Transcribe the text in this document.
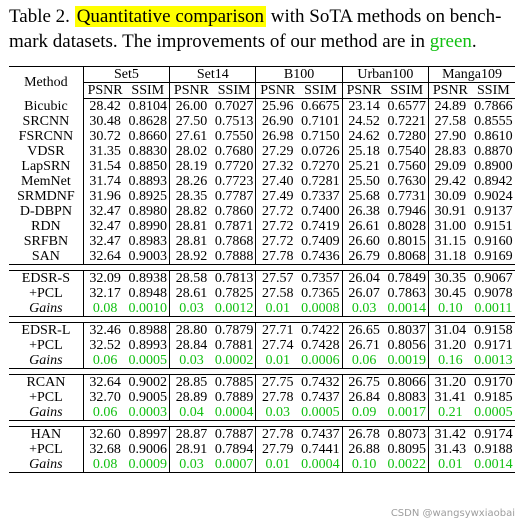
Table 2. Quantitative comparison with SoTA methods on bench-mark datasets. The improvements of our method are in green.
Method	Set5		Set14		B100		Urban100		Manga109	
	PSNR	SSIM	PSNR	SSIM	PSNR	SSIM	PSNR	SSIM	PSNR	SSIM
Bicubic	28.42	0.8104	26.00	0.7027	25.96	0.6675	23.14	0.6577	24.89	0.7866
SRCNN	30.48	0.8628	27.50	0.7513	26.90	0.7101	24.52	0.7221	27.58	0.8555
FSRCNN	30.72	0.8660	27.61	0.7550	26.98	0.7150	24.62	0.7280	27.90	0.8610
VDSR	31.35	0.8830	28.02	0.7680	27.29	0.0726	25.18	0.7540	28.83	0.8870
LapSRN	31.54	0.8850	28.19	0.7720	27.32	0.7270	25.21	0.7560	29.09	0.8900
MemNet	31.74	0.8893	28.26	0.7723	27.40	0.7281	25.50	0.7630	29.42	0.8942
SRMDNF	31.96	0.8925	28.35	0.7787	27.49	0.7337	25.68	0.7731	30.09	0.9024
D-DBPN	32.47	0.8980	28.82	0.7860	27.72	0.7400	26.38	0.7946	30.91	0.9137
RDN	32.47	0.8990	28.81	0.7871	27.72	0.7419	26.61	0.8028	31.00	0.9151
SRFBN	32.47	0.8983	28.81	0.7868	27.72	0.7409	26.60	0.8015	31.15	0.9160
SAN	32.64	0.9003	28.92	0.7888	27.78	0.7436	26.79	0.8068	31.18	0.9169

EDSR-S	32.09	0.8938	28.58	0.7813	27.57	0.7357	26.04	0.7849	30.35	0.9067
+PCL	32.17	0.8948	28.61	0.7825	27.58	0.7365	26.07	0.7863	30.45	0.9078
Gains	0.08	0.0010	0.03	0.0012	0.01	0.0008	0.03	0.0014	0.10	0.0011

EDSR-L	32.46	0.8988	28.80	0.7879	27.71	0.7422	26.65	0.8037	31.04	0.9158
+PCL	32.52	0.8993	28.84	0.7881	27.74	0.7428	26.71	0.8056	31.20	0.9171
Gains	0.06	0.0005	0.03	0.0002	0.01	0.0006	0.06	0.0019	0.16	0.0013

RCAN	32.64	0.9002	28.85	0.7885	27.75	0.7432	26.75	0.8066	31.20	0.9170
+PCL	32.70	0.9005	28.89	0.7889	27.78	0.7437	26.84	0.8083	31.41	0.9185
Gains	0.06	0.0003	0.04	0.0004	0.03	0.0005	0.09	0.0017	0.21	0.0005

HAN	32.60	0.8997	28.87	0.7887	27.78	0.7437	26.78	0.8073	31.42	0.9174
+PCL	32.68	0.9006	28.91	0.7894	27.79	0.7441	26.88	0.8095	31.43	0.9188
Gains	0.08	0.0009	0.03	0.0007	0.01	0.0004	0.10	0.0022	0.01	0.0014
CSDN @wangsywxiaobai
